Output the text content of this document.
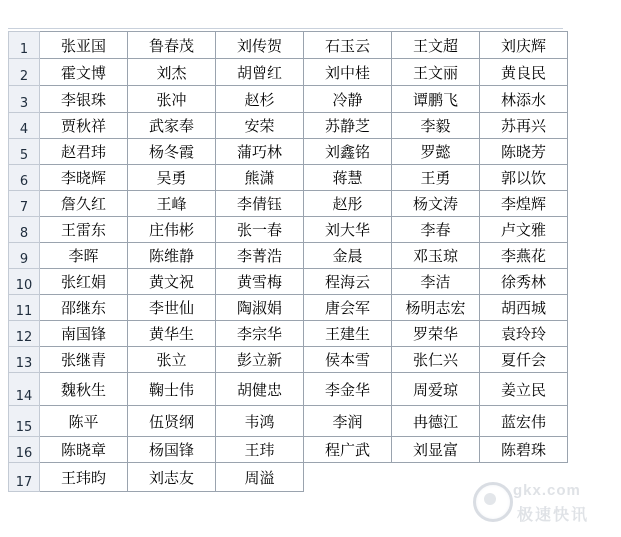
1	张亚国	鲁春茂	刘传贺	石玉云	王文超	刘庆辉
2	霍文博	刘杰	胡曾红	刘中桂	王文丽	黄良民
3	李银珠	张冲	赵杉	冷静	谭鹏飞	林添水
4	贾秋祥	武家奉	安荣	苏静芝	李毅	苏再兴
5	赵君玮	杨冬霞	蒲巧林	刘鑫铭	罗懿	陈晓芳
6	李晓辉	吴勇	熊潇	蒋慧	王勇	郭以饮
7	詹久红	王峰	李倩钰	赵彤	杨文涛	李煌辉
8	王雷东	庄伟彬	张一春	刘大华	李春	卢文雅
9	李晖	陈维静	李菁浩	金晨	邓玉琼	李燕花
10	张红娟	黄文祝	黄雪梅	程海云	李洁	徐秀林
11	邵继东	李世仙	陶淑娟	唐会军	杨明志宏	胡西城
12	南国锋	黄华生	李宗华	王建生	罗荣华	袁玲玲
13	张继青	张立	彭立新	侯本雪	张仁兴	夏仟会
14	魏秋生	鞠士伟	胡健忠	李金华	周爱琼	姜立民
15	陈平	伍贤纲	韦鸿	李润	冉德江	蓝宏伟
16	陈晓章	杨国锋	王玮	程广武	刘显富	陈碧珠
17	王玮昀	刘志友	周溢			
gkx.com
极速快讯
